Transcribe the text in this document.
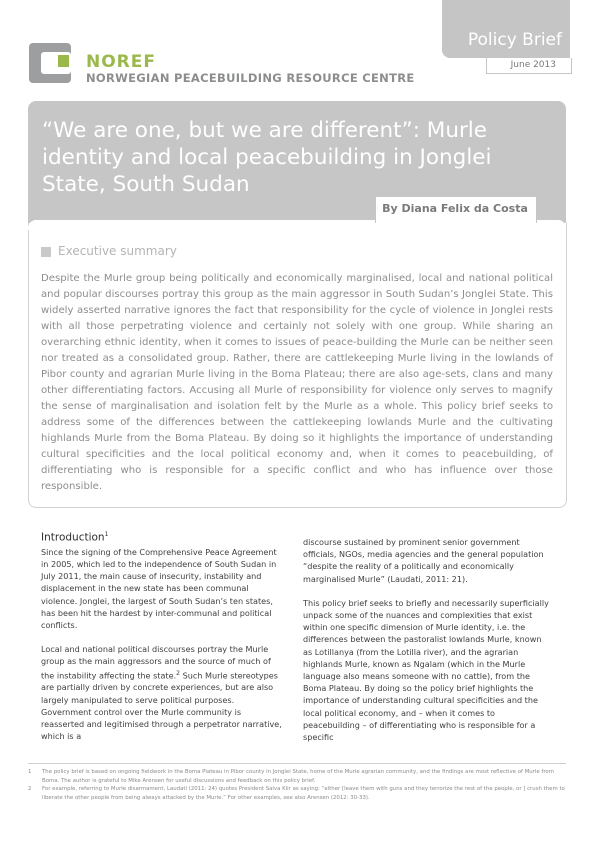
Policy Brief
June 2013
NOREF
NORWEGIAN PEACEBUILDING RESOURCE CENTRE
“We are one, but we are different”: Murle identity and local peacebuilding in Jonglei State, South Sudan
By Diana Felix da Costa
Executive summary

Despite the Murle group being politically and economically marginalised, local and national political and popular discourses portray this group as the main aggressor in South Sudan’s Jonglei State. This widely asserted narrative ignores the fact that responsibility for the cycle of violence in Jonglei rests with all those perpetrating violence and certainly not solely with one group. While sharing an overarching ethnic identity, when it comes to issues of peace-building the Murle can be neither seen nor treated as a consolidated group. Rather, there are cattlekeeping Murle living in the lowlands of Pibor county and agrarian Murle living in the Boma Plateau; there are also age-sets, clans and many other differentiating factors. Accusing all Murle of responsibility for violence only serves to magnify the sense of marginalisation and isolation felt by the Murle as a whole. This policy brief seeks to address some of the differences between the cattlekeeping lowlands Murle and the cultivating highlands Murle from the Boma Plateau. By doing so it highlights the importance of understanding cultural specificities and the local political economy and, when it comes to peacebuilding, of differentiating who is responsible for a specific conflict and who has influence over those responsible.

Introduction$^1$

Since the signing of the Comprehensive Peace Agreement in 2005, which led to the independence of South Sudan in July 2011, the main cause of insecurity, instability and displacement in the new state has been communal violence. Jonglei, the largest of South Sudan’s ten states, has been hit the hardest by inter-communal and political conflicts.

Local and national political discourses portray the Murle group as the main aggressors and the source of much of the instability affecting the state.$^2$ Such Murle stereotypes are partially driven by concrete experiences, but are also largely manipulated to serve political purposes. Government control over the Murle community is reasserted and legitimised through a perpetrator narrative, which is a

discourse sustained by prominent senior government officials, NGOs, media agencies and the general population “despite the reality of a politically and economically marginalised Murle” (Laudati, 2011: 21).

This policy brief seeks to briefly and necessarily superficially unpack some of the nuances and complexities that exist within one specific dimension of Murle identity, i.e. the differences between the pastoralist lowlands Murle, known as Lotillanya (from the Lotilla river), and the agrarian highlands Murle, known as Ngalam (which in the Murle language also means someone with no cattle), from the Boma Plateau. By doing so the policy brief highlights the importance of understanding cultural specificities and the local political economy, and – when it comes to peacebuilding – of differentiating who is responsible for a specific

1	The policy brief is based on ongoing fieldwork in the Boma Plateau in Pibor county in Jonglei State, home of the Murle agrarian community, and the findings are most reflective of Murle from Boma. The author is grateful to Mike Arensen for useful discussions and feedback on this policy brief.
2	For example, referring to Murle disarmament, Laudati (2011: 24) quotes President Salva Kiir as saying: “either [leave them with guns and they terrorize the rest of the people, or ] crush them to liberate the other people from being always attacked by the Murle.” For other examples, see also Arensen (2012: 30-33).
